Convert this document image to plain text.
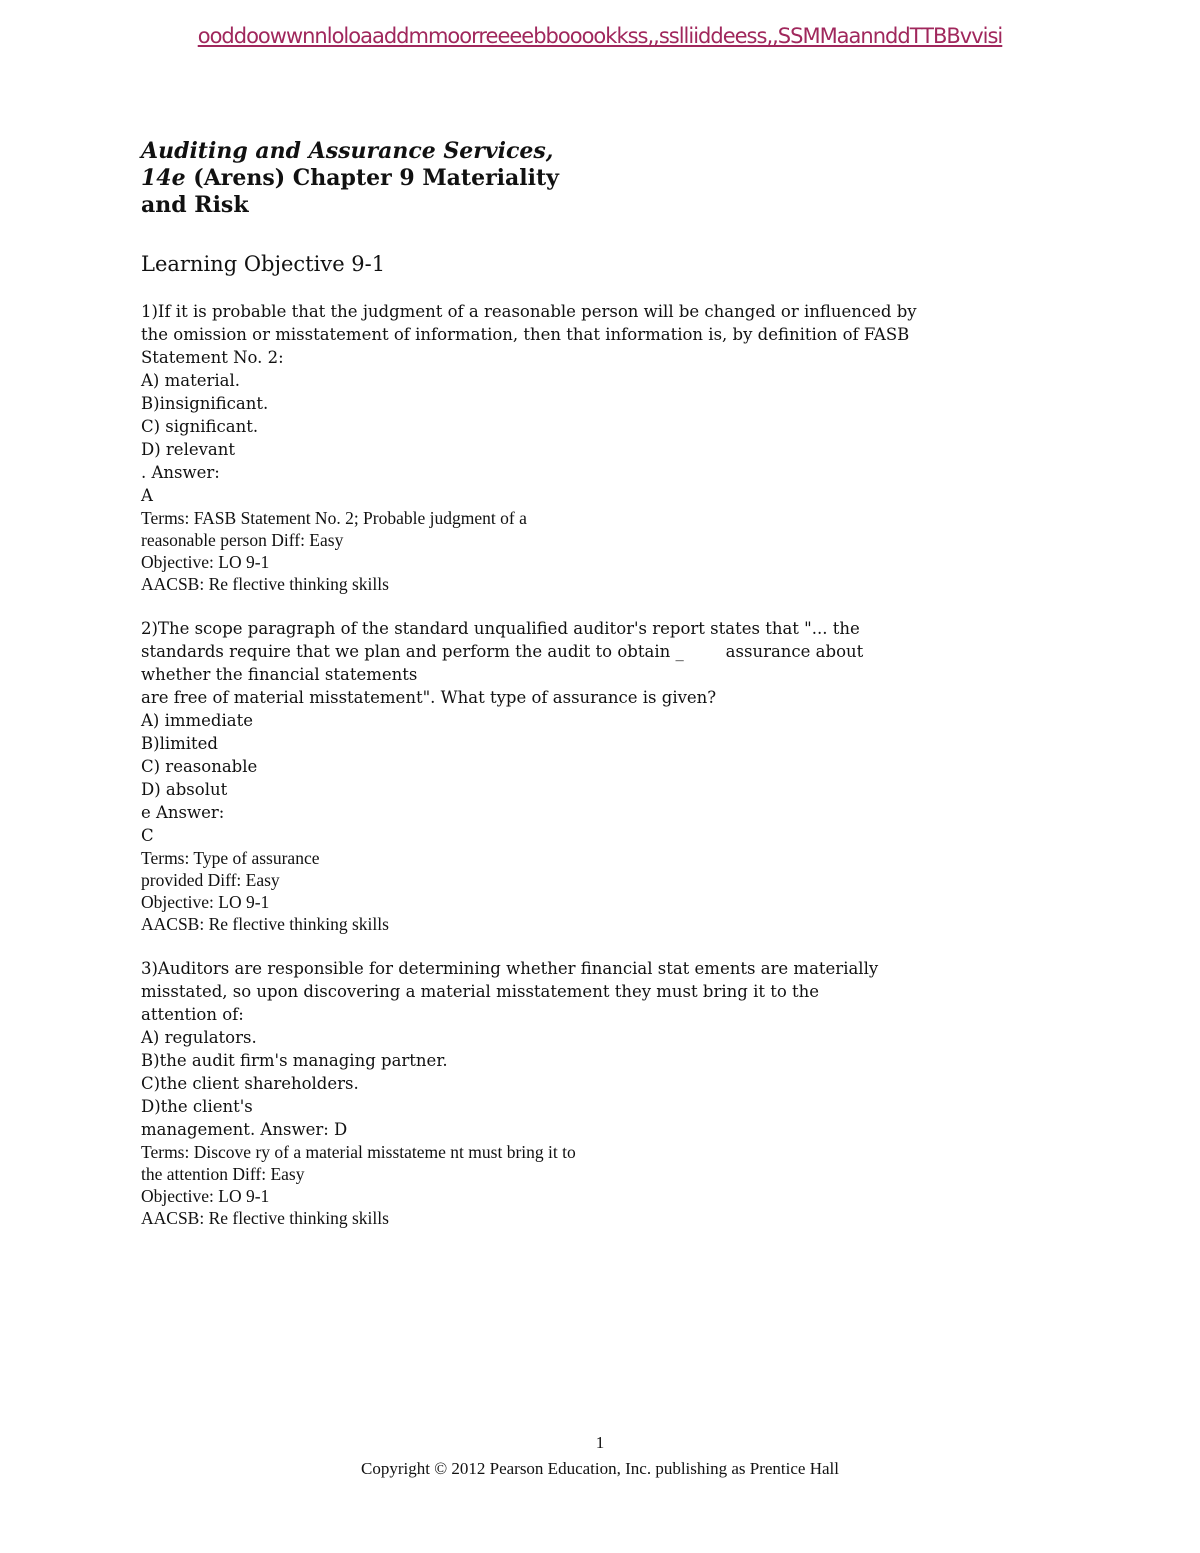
ooddoowwnnloloaaddmmoorreeeebbooookkss,,sslliiddeess,,SSMMaannddTTBBvvisi
Auditing and Assurance Services,
14e (Arens) Chapter 9 Materiality
and Risk
Learning Objective 9-1
1)If it is probable that the judgment of a reasonable person will be changed or influenced by
the omission or misstatement of information, then that information is, by definition of FASB
Statement No. 2:
A) material.
B)insignificant.
C) significant.
D) relevant
. Answer:
A
Terms: FASB Statement No. 2; Probable judgment of a
reasonable person Diff: Easy
Objective: LO 9-1
AACSB: Re flective thinking skills
2)The scope paragraph of the standard unqualified auditor's report states that "... the
standards require that we plan and perform the audit to obtain _        assurance about
whether the financial statements
are free of material misstatement". What type of assurance is given?
A) immediate
B)limited
C) reasonable
D) absolut
e Answer:
C
Terms: Type of assurance
provided Diff: Easy
Objective: LO 9-1
AACSB: Re flective thinking skills
3)Auditors are responsible for determining whether financial stat ements are materially
misstated, so upon discovering a material misstatement they must bring it to the
attention of:
A) regulators.
B)the audit firm's managing partner.
C)the client shareholders.
D)the client's
management. Answer: D
Terms: Discove ry of a material misstateme nt must bring it to
the attention Diff: Easy
Objective: LO 9-1
AACSB: Re flective thinking skills
1
Copyright © 2012 Pearson Education, Inc. publishing as Prentice Hall
